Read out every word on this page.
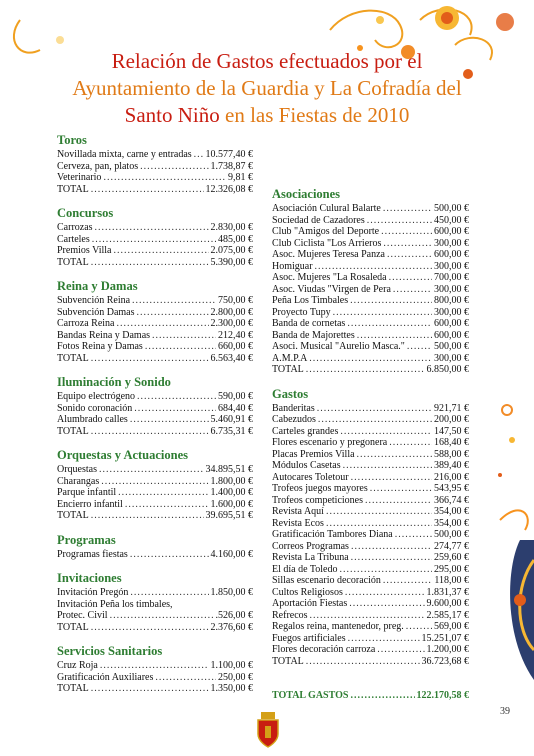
Relación de Gastos efectuados por el
Ayuntamiento de la Guardia y La Cofradía del
Santo Niño en las Fiestas de 2010
Toros
Novillada mixta, carne y entradas ..... 10.577,40 €
Cerveza, pan, platos .....	1.738,87 €
Veterinario .....	9,81 €
TOTAL .....	12.326,08 €
Concursos
Carrozas .....	2.830,00 €
Carteles .....	485,00 €
Premios Villa .....	2.075,00 €
TOTAL .....	5.390,00 €
Reina y Damas
Subvención Reina .....	750,00 €
Subvención Damas .....	2.800,00 €
Carroza Reina .....	2.300,00 €
Bandas Reina y Damas .....	212,40 €
Fotos Reina y Damas .....	660,00 €
TOTAL .....	6.563,40 €
Iluminación y Sonido
Equipo electrógeno .....	590,00 €
Sonido coronación .....	684,40 €
Alumbrado calles .....	5.460,91 €
TOTAL .....	6.735,31 €
Orquestas y Actuaciones
Orquestas .....	34.895,51 €
Charangas .....	1.800,00 €
Parque infantil .....	1.400,00 €
Encierro infantil .....	1.600,00 €
TOTAL .....	39.695,51 €
Programas
Programas fiestas .....	4.160,00 €
Invitaciones
Invitación Pregón .....	1.850,00 €
Invitación Peña los timbales,
Protec. Civil .....	.526,00 €
TOTAL .....	2.376,60 €
Servicios Sanitarios
Cruz Roja .....	1.100,00 €
Gratificación Auxiliares .....	250,00 €
TOTAL .....	1.350,00 €
Asociaciones
Asociación Culural Balarte .....	500,00 €
Sociedad de Cazadores .....	450,00 €
Club "Amigos del Deporte .....	600,00 €
Club Ciclista "Los Arrieros .....	300,00 €
Asoc. Mujeres Teresa Panza .....	600,00 €
Homiguar .....	300,00 €
Asoc. Mujeres "La Rosaleda .....	700,00 €
Asoc. Viudas "Virgen de Pera .....	300,00 €
Peña Los Timbales .....	800,00 €
Proyecto Tupy .....	300,00 €
Banda de cornetas .....	600,00 €
Banda de Majorettes .....	600,00 €
Asoci. Musical "Aurelio Masca." .....	500,00 €
A.M.P.A .....	300,00 €
TOTAL .....	6.850,00 €
Gastos
Banderitas .....	921,71 €
Cabezudos .....	200,00 €
Carteles grandes .....	147,50 €
Flores escenario y pregonera .....	168,40 €
Placas Premios Villa .....	588,00 €
Módulos Casetas .....	389,40 €
Autocares Toletour .....	216,00 €
Trofeos juegos mayores .....	543,95 €
Trofeos competiciones .....	366,74 €
Revista Aquí .....	354,00 €
Revista Ecos .....	354,00 €
Gratificación Tambores Diana .....	500,00 €
Correos Programas .....	274,77 €
Revista La Tribuna .....	259,60 €
El día de Toledo .....	295,00 €
Sillas escenario decoración .....	118,00 €
Cultos Religiosos .....	1.831,37 €
Aportación Fiestas .....	9.600,00 €
Refrecos .....	2.585,17 €
Regalos reina, mantenedor, preg. .....	569,00 €
Fuegos artificiales .....	15.251,07 €
Flores decoración carroza .....	1.200,00 €
TOTAL .....	36.723,68 €
TOTAL GASTOS .....	122.170,58 €
39
